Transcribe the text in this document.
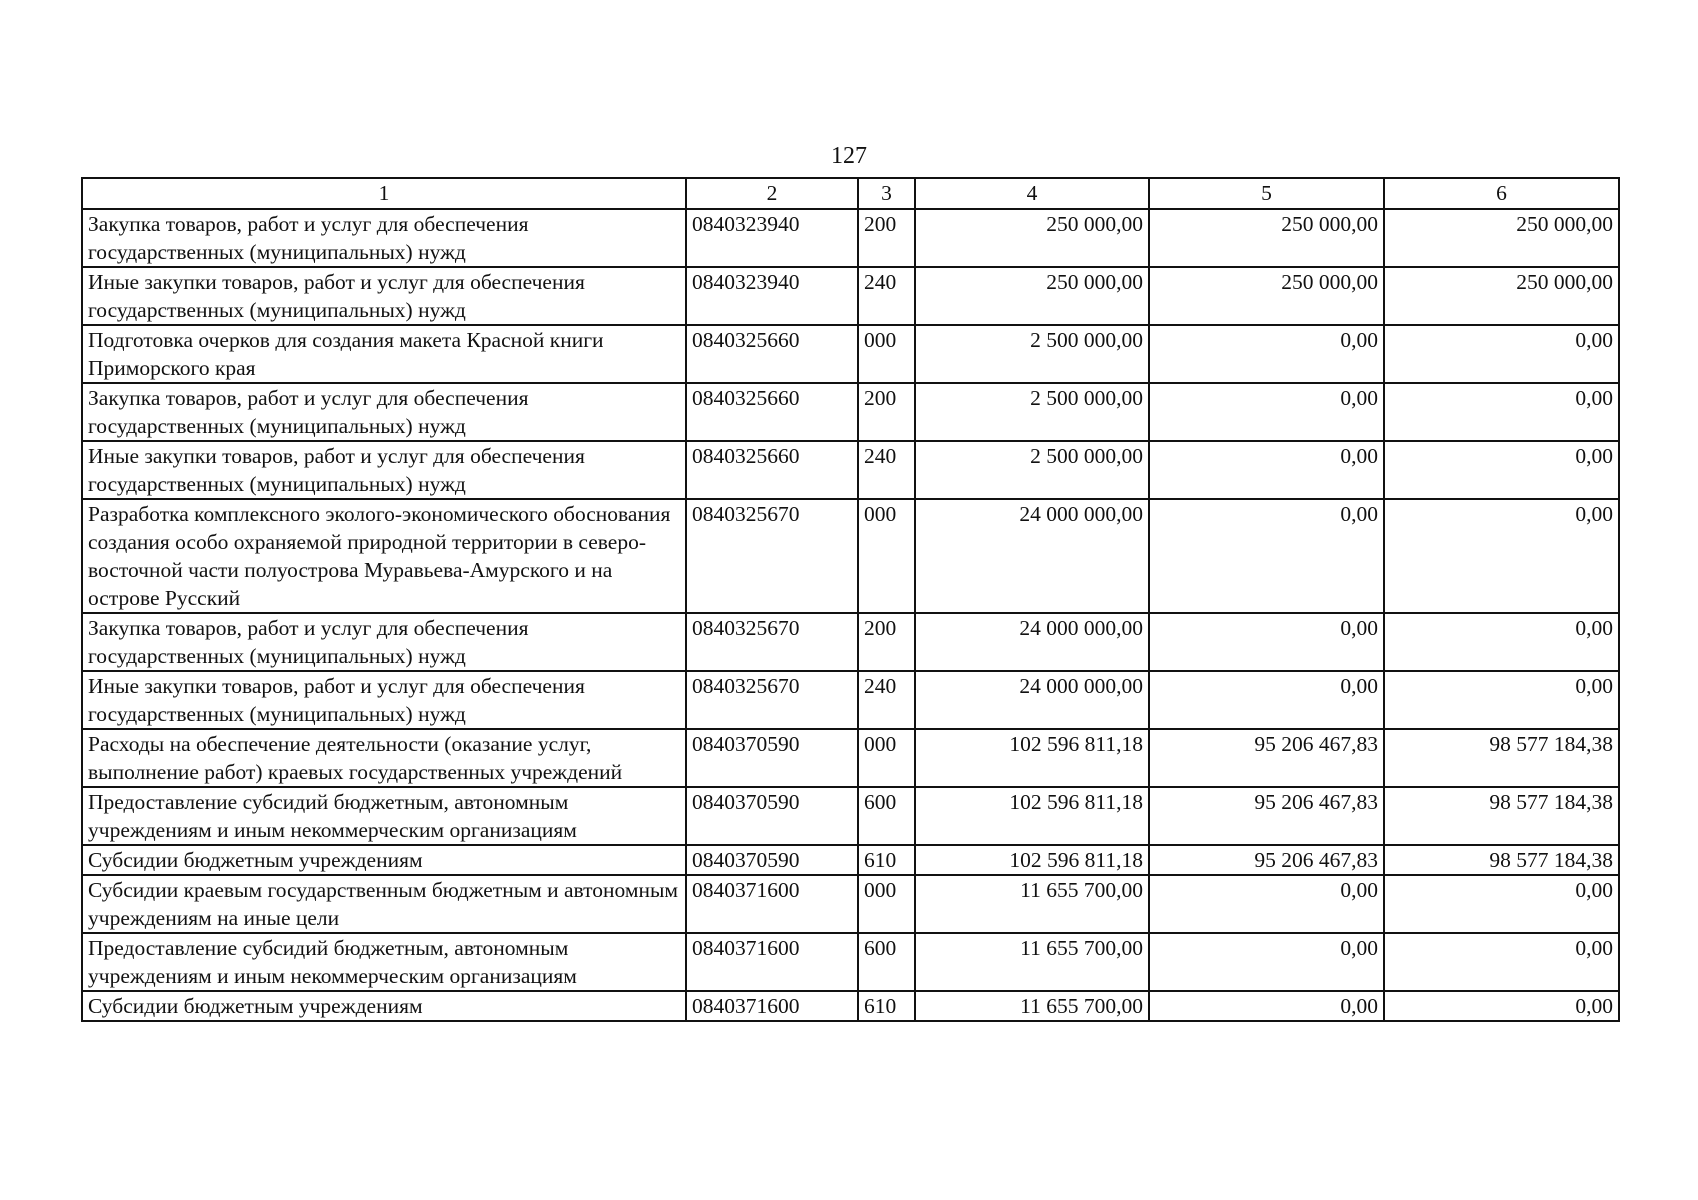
127
1	2	3	4	5	6
Закупка товаров, работ и услуг для обеспечения государственных (муниципальных) нужд	0840323940	200	250 000,00	250 000,00	250 000,00
Иные закупки товаров, работ и услуг для обеспечения государственных (муниципальных) нужд	0840323940	240	250 000,00	250 000,00	250 000,00
Подготовка очерков для создания макета Красной книги Приморского края	0840325660	000	2 500 000,00	0,00	0,00
Закупка товаров, работ и услуг для обеспечения государственных (муниципальных) нужд	0840325660	200	2 500 000,00	0,00	0,00
Иные закупки товаров, работ и услуг для обеспечения государственных (муниципальных) нужд	0840325660	240	2 500 000,00	0,00	0,00
Разработка комплексного эколого-экономического обоснования создания особо охраняемой природной территории в северо-восточной части полуострова Муравьева-Амурского и на острове Русский	0840325670	000	24 000 000,00	0,00	0,00
Закупка товаров, работ и услуг для обеспечения государственных (муниципальных) нужд	0840325670	200	24 000 000,00	0,00	0,00
Иные закупки товаров, работ и услуг для обеспечения государственных (муниципальных) нужд	0840325670	240	24 000 000,00	0,00	0,00
Расходы на обеспечение деятельности (оказание услуг, выполнение работ) краевых государственных учреждений	0840370590	000	102 596 811,18	95 206 467,83	98 577 184,38
Предоставление субсидий бюджетным, автономным учреждениям и иным некоммерческим организациям	0840370590	600	102 596 811,18	95 206 467,83	98 577 184,38
Субсидии бюджетным учреждениям	0840370590	610	102 596 811,18	95 206 467,83	98 577 184,38
Субсидии краевым государственным бюджетным и автономным учреждениям на иные цели	0840371600	000	11 655 700,00	0,00	0,00
Предоставление субсидий бюджетным, автономным учреждениям и иным некоммерческим организациям	0840371600	600	11 655 700,00	0,00	0,00
Субсидии бюджетным учреждениям	0840371600	610	11 655 700,00	0,00	0,00
